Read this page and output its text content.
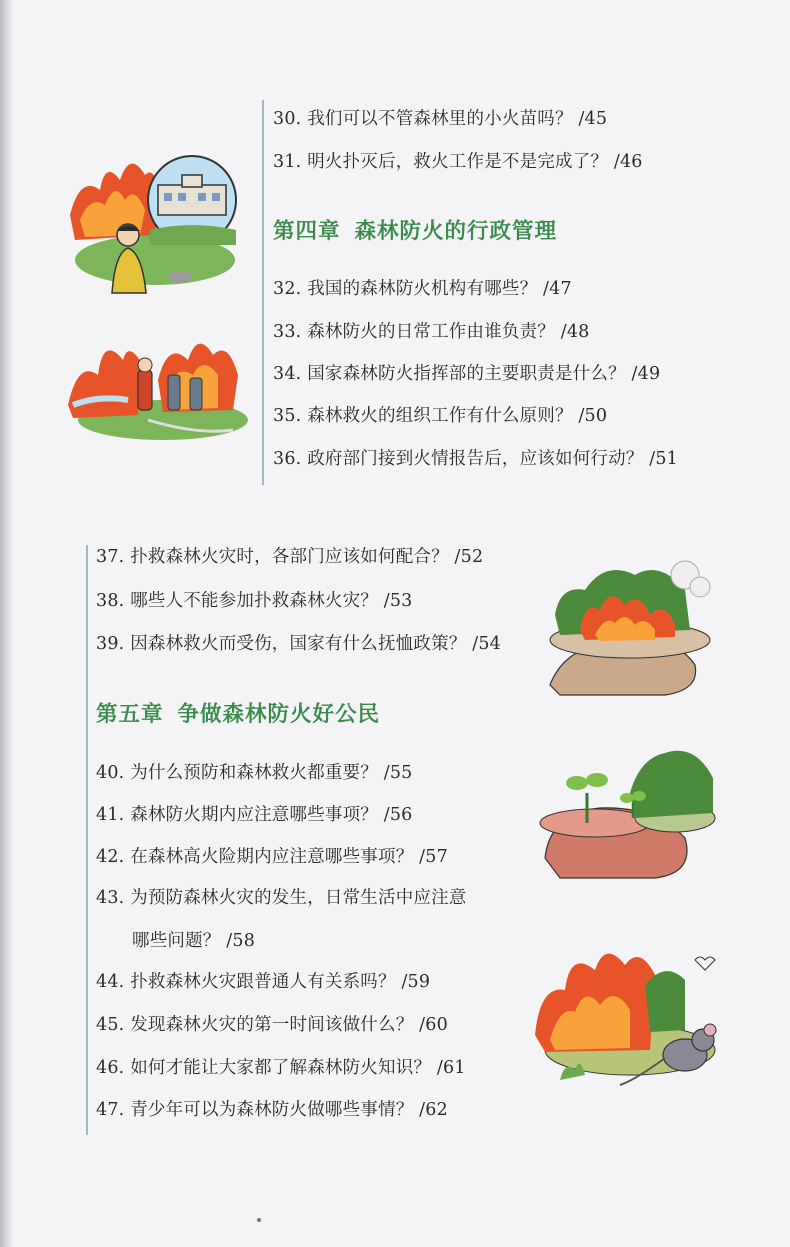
30. 我们可以不管森林里的小火苗吗？ /45
31. 明火扑灭后，救火工作是不是完成了？ /46
第四章 森林防火的行政管理
32. 我国的森林防火机构有哪些？ /47
33. 森林防火的日常工作由谁负责？ /48
34. 国家森林防火指挥部的主要职责是什么？ /49
35. 森林救火的组织工作有什么原则？ /50
36. 政府部门接到火情报告后，应该如何行动？ /51
37. 扑救森林火灾时，各部门应该如何配合？ /52
38. 哪些人不能参加扑救森林火灾？ /53
39. 因森林救火而受伤，国家有什么抚恤政策？ /54
第五章 争做森林防火好公民
40. 为什么预防和森林救火都重要？ /55
41. 森林防火期内应注意哪些事项？ /56
42. 在森林高火险期内应注意哪些事项？ /57
43. 为预防森林火灾的发生，日常生活中应注意
哪些问题？ /58
44. 扑救森林火灾跟普通人有关系吗？ /59
45. 发现森林火灾的第一时间该做什么？ /60
46. 如何才能让大家都了解森林防火知识？ /61
47. 青少年可以为森林防火做哪些事情？ /62
